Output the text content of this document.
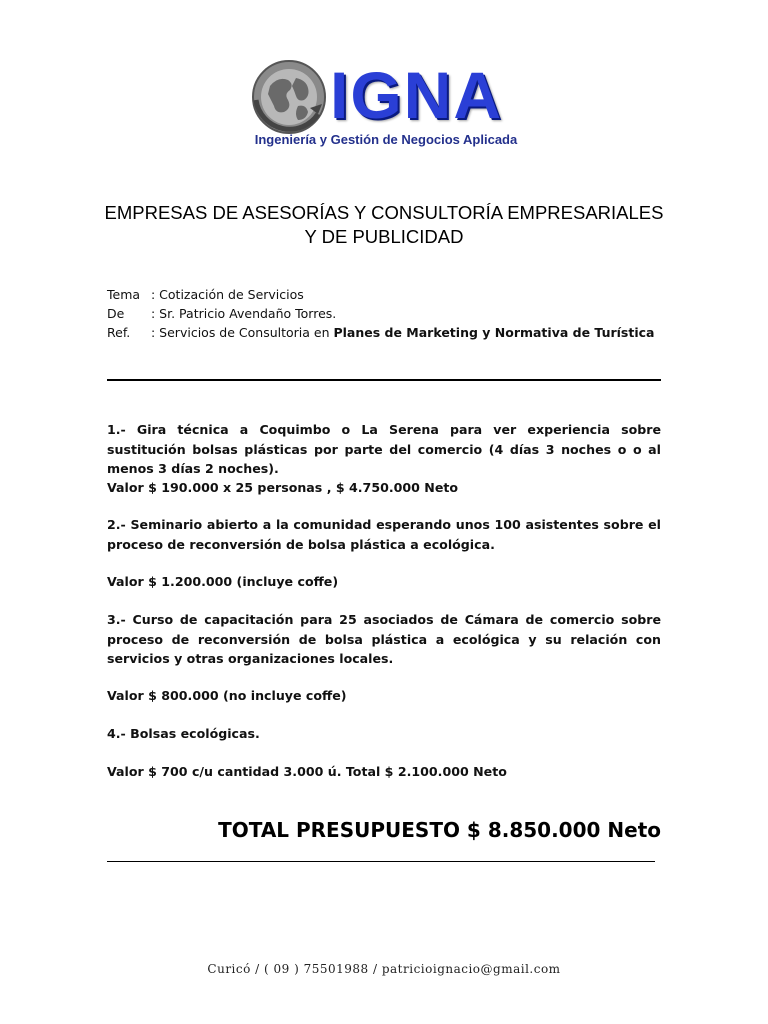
IGNA
Ingeniería y Gestión de Negocios Aplicada
EMPRESAS DE ASESORÍAS Y CONSULTORÍA EMPRESARIALES
Y DE PUBLICIDAD
Tema : Cotización de Servicios
De : Sr. Patricio Avendaño Torres.
Ref. : Servicios de Consultoria en Planes de Marketing y Normativa de Turística
1.- Gira técnica a Coquimbo o La Serena para ver experiencia sobre sustitución bolsas plásticas por parte del comercio (4 días 3 noches o o al menos 3 días 2 noches).
Valor $ 190.000 x 25 personas , $ 4.750.000 Neto
2.- Seminario abierto a la comunidad esperando unos 100 asistentes sobre el proceso de reconversión de bolsa plástica a ecológica.
Valor $ 1.200.000 (incluye coffe)
3.- Curso de capacitación para 25 asociados de Cámara de comercio sobre proceso de reconversión de bolsa plástica a ecológica y su relación con servicios y otras organizaciones locales.
Valor $ 800.000 (no incluye coffe)
4.- Bolsas ecológicas.
Valor $ 700 c/u cantidad 3.000 ú. Total $ 2.100.000 Neto
TOTAL PRESUPUESTO $ 8.850.000 Neto
Curicó / ( 09 ) 75501988 / patricioignacio@gmail.com
